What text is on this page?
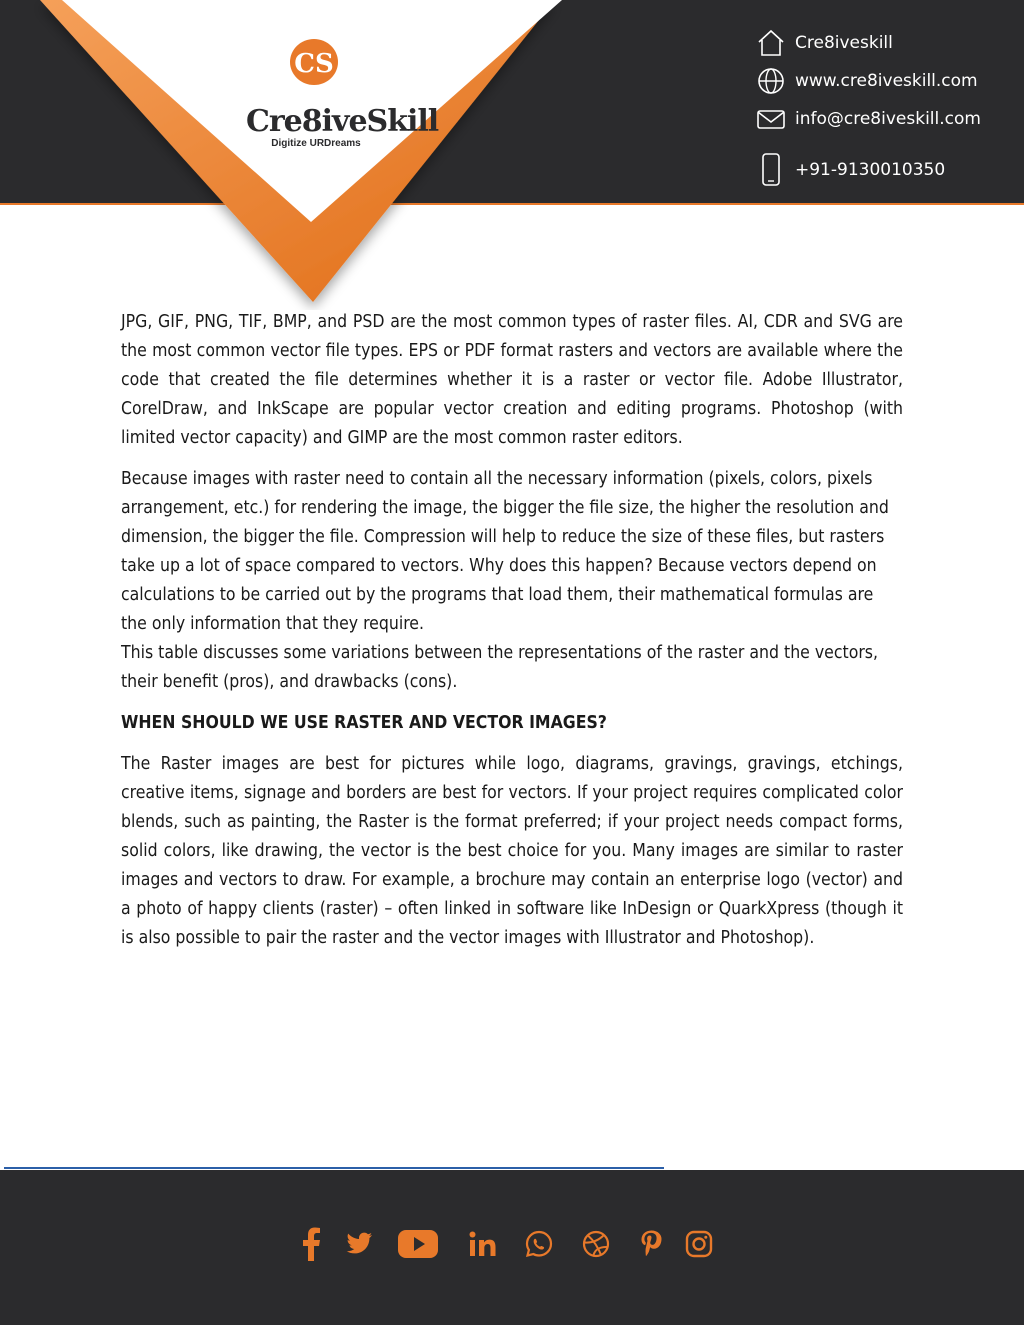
CS
Cre8iveSkill
Digitize URDreams
Cre8iveskill
www.cre8iveskill.com
info@cre8iveskill.com
+91-9130010350

JPG, GIF, PNG, TIF, BMP, and PSD are the most common types of raster files. AI, CDR and SVG are the most common vector file types. EPS or PDF format rasters and vectors are available where the code that created the file determines whether it is a raster or vector file. Adobe Illustrator, CorelDraw, and InkScape are popular vector creation and editing programs. Photoshop (with limited vector capacity) and GIMP are the most common raster editors.

Because images with raster need to contain all the necessary information (pixels, colors, pixels arrangement, etc.) for rendering the image, the bigger the file size, the higher the resolution and dimension, the bigger the file. Compression will help to reduce the size of these files, but rasters take up a lot of space compared to vectors. Why does this happen? Because vectors depend on calculations to be carried out by the programs that load them, their mathematical formulas are the only information that they require.

This table discusses some variations between the representations of the raster and the vectors, their benefit (pros), and drawbacks (cons).

WHEN SHOULD WE USE RASTER AND VECTOR IMAGES?

The Raster images are best for pictures while logo, diagrams, gravings, gravings, etchings, creative items, signage and borders are best for vectors. If your project requires complicated color blends, such as painting, the Raster is the format preferred; if your project needs compact forms, solid colors, like drawing, the vector is the best choice for you. Many images are similar to raster images and vectors to draw. For example, a brochure may contain an enterprise logo (vector) and a photo of happy clients (raster) – often linked in software like InDesign or QuarkXpress (though it is also possible to pair the raster and the vector images with Illustrator and Photoshop).
